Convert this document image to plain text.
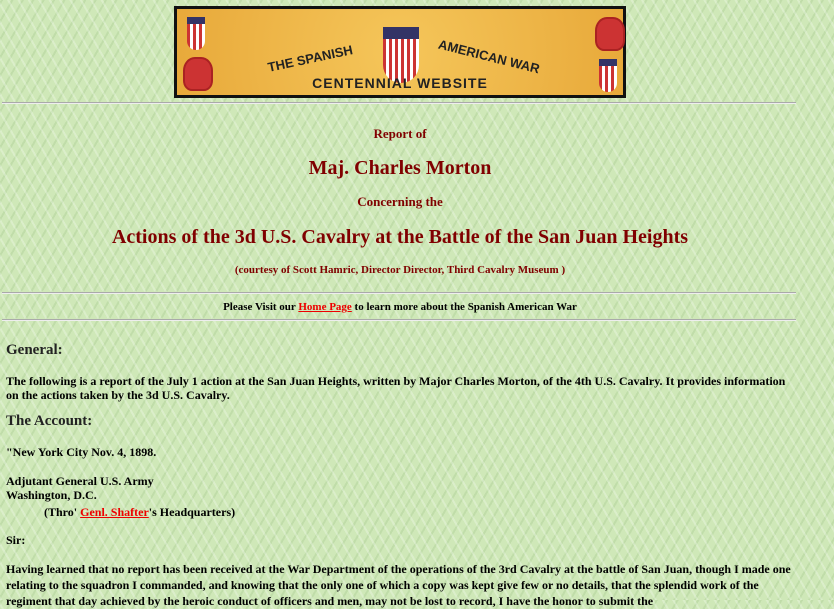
THE SPANISH	AMERICAN WAR
CENTENNIAL WEBSITE
Report of
Maj. Charles Morton
Concerning the
Actions of the 3d U.S. Cavalry at the Battle of the San Juan Heights
(courtesy of Scott Hamric, Director Director, Third Cavalry Museum )
Please Visit our Home Page to learn more about the Spanish American War
General:
The following is a report of the July 1 action at the San Juan Heights, written by Major Charles Morton, of the 4th U.S. Cavalry. It provides information on the actions taken by the 3d U.S. Cavalry.
The Account:
"New York City Nov. 4, 1898.
Adjutant General U.S. Army
Washington, D.C.
(Thro' Genl. Shafter's Headquarters)
Sir:
Having learned that no report has been received at the War Department of the operations of the 3rd Cavalry at the battle of San Juan, though I made one relating to the squadron I commanded, and knowing that the only one of which a copy was kept give few or no details, that the splendid work of the regiment that day achieved by the heroic conduct of officers and men, may not be lost to record, I have the honor to submit the
